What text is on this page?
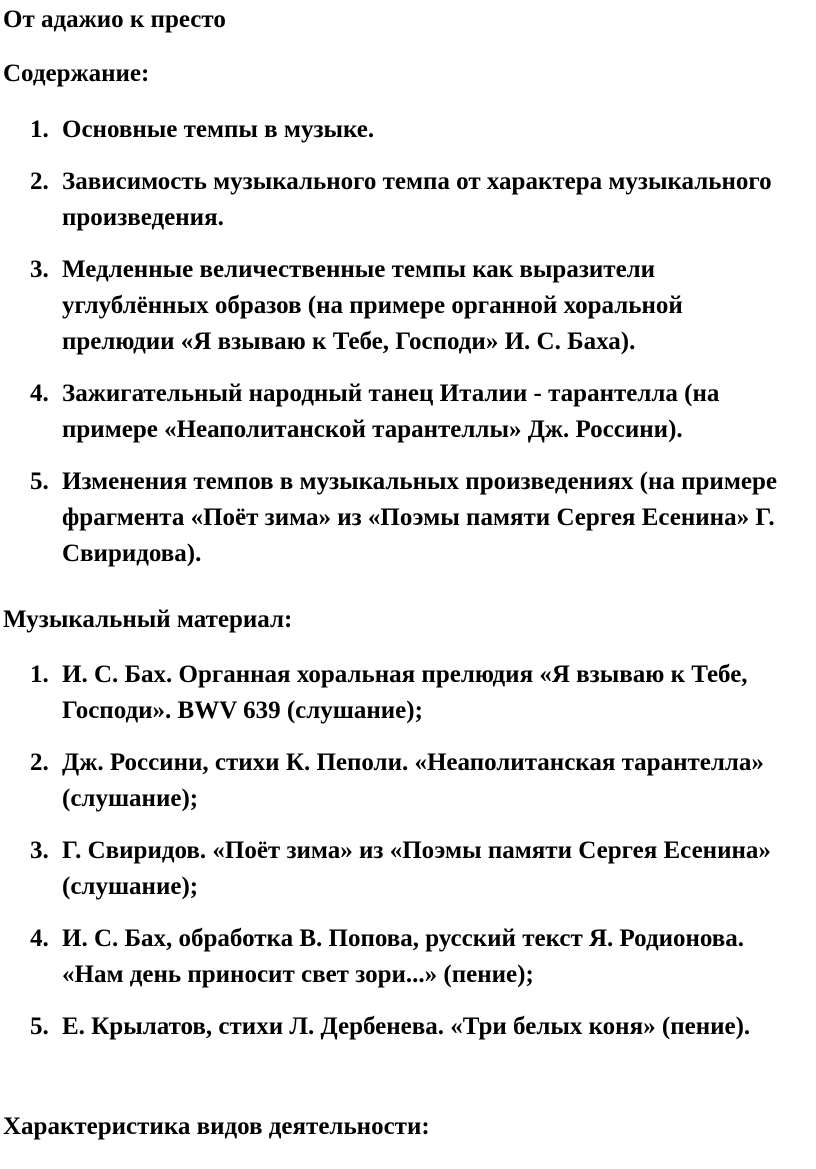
От адажио к престо

Содержание:

1. Основные темпы в музыке.
2. Зависимость музыкального темпа от характера музыкального произведения.
3. Медленные величественные темпы как выразители углублённых образов (на примере органной хоральной прелюдии «Я взываю к Тебе, Господи» И. С. Баха).
4. Зажигательный народный танец Италии - тарантелла (на примере «Неаполитанской тарантеллы» Дж. Россини).
5. Изменения темпов в музыкальных произведениях (на примере фрагмента «Поёт зима» из «Поэмы памяти Сергея Есенина» Г. Свиридова).

Музыкальный материал:

1. И. С. Бах. Органная хоральная прелюдия «Я взываю к Тебе, Господи». BWV 639 (слушание);
2. Дж. Россини, стихи К. Пеполи. «Неаполитанская тарантелла» (слушание);
3. Г. Свиридов. «Поёт зима» из «Поэмы памяти Сергея Есенина» (слушание);
4. И. С. Бах, обработка В. Попова, русский текст Я. Родионова. «Нам день приносит свет зори...» (пение);
5. Е. Крылатов, стихи Л. Дербенева. «Три белых коня» (пение).

Характеристика видов деятельности:
